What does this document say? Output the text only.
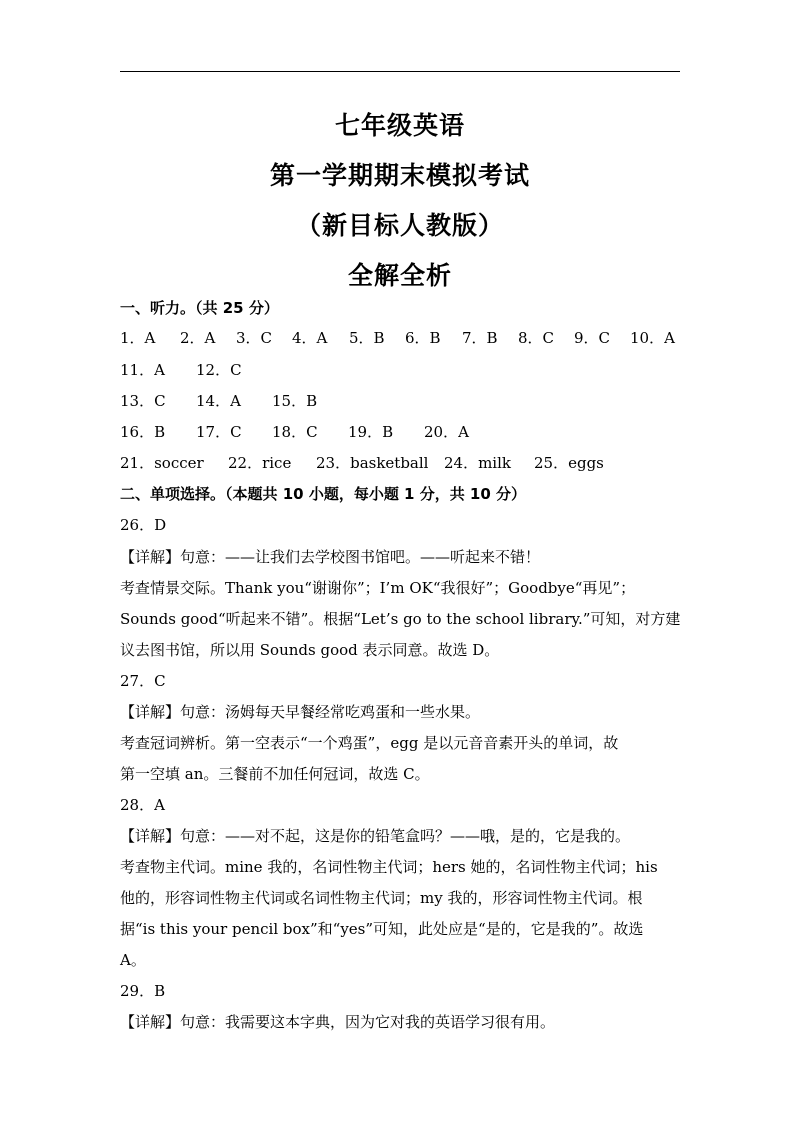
七年级英语
第一学期期末模拟考试
（新目标人教版）
全解全析
一、听力。（共 25 分）
1．A 2．A 3．C 4．A 5．B 6．B 7．B 8．C 9．C 10．A
11．A 12．C
13．C 14．A 15．B
16．B 17．C 18．C 19．B 20．A
21．soccer 22．rice 23．basketball 24．milk 25．eggs
二、单项选择。（本题共 10 小题，每小题 1 分，共 10 分）
26．D
【详解】句意：——让我们去学校图书馆吧。——听起来不错！
考查情景交际。Thank you“谢谢你”；I’m OK“我很好”；Goodbye“再见”；
Sounds good“听起来不错”。根据“Let’s go to the school library.”可知，对方建
议去图书馆，所以用 Sounds good 表示同意。故选 D。
27．C
【详解】句意：汤姆每天早餐经常吃鸡蛋和一些水果。
考查冠词辨析。第一空表示“一个鸡蛋”，egg 是以元音音素开头的单词，故
第一空填 an。三餐前不加任何冠词，故选 C。
28．A
【详解】句意：——对不起，这是你的铅笔盒吗？——哦，是的，它是我的。
考查物主代词。mine 我的，名词性物主代词；hers 她的，名词性物主代词；his
他的，形容词性物主代词或名词性物主代词；my 我的，形容词性物主代词。根
据“is this your pencil box”和“yes”可知，此处应是“是的，它是我的”。故选
A。
29．B
【详解】句意：我需要这本字典，因为它对我的英语学习很有用。
